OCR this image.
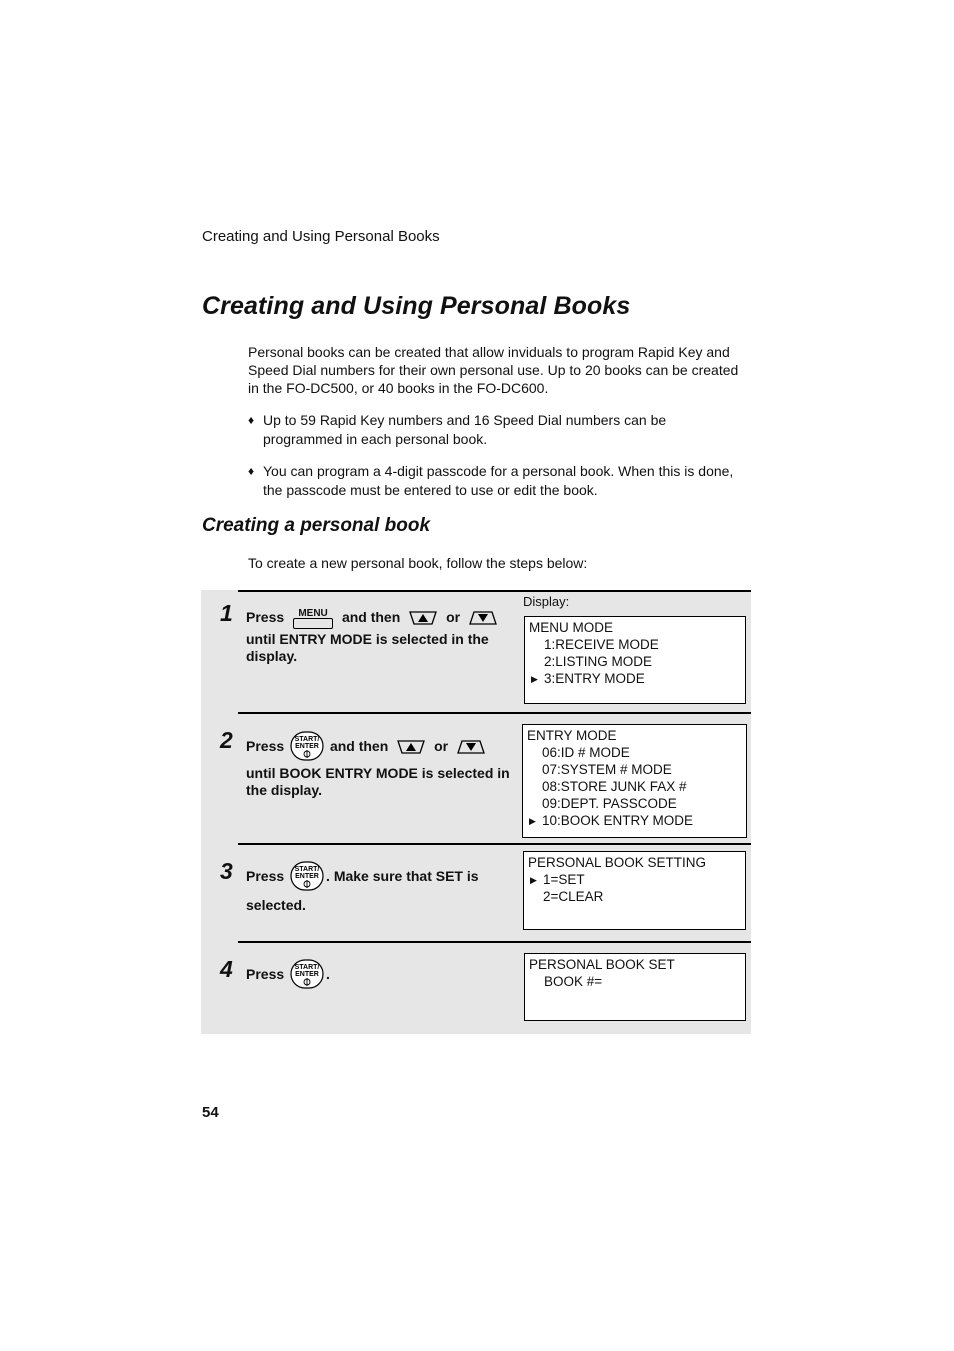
Creating and Using Personal Books
Creating and Using Personal Books
Personal books can be created that allow inviduals to program Rapid Key and Speed Dial numbers for their own personal use. Up to 20 books can be created in the FO-DC500, or 40 books in the FO-DC600.
♦ Up to 59 Rapid Key numbers and 16 Speed Dial numbers can be programmed in each personal book.
♦ You can program a 4-digit passcode for a personal book. When this is done, the passcode must be entered to use or edit the book.
Creating a personal book
To create a new personal book, follow the steps below:
Display:
1 Press	MENU	and then	or
until ENTRY MODE is selected in the display.
MENU MODE
1:RECEIVE MODE
2:LISTING MODE
▶ 3:ENTRY MODE
2 Press START/
ENTER and then	or
until BOOK ENTRY MODE is selected in the display.
ENTRY MODE
06:ID # MODE
07:SYSTEM # MODE
08:STORE JUNK FAX #
09:DEPT. PASSCODE
▶ 10:BOOK ENTRY MODE
3 Press START/
ENTER . Make sure that SET is
selected.
PERSONAL BOOK SETTING
▶ 1=SET
2=CLEAR
4 Press START/
ENTER .
PERSONAL BOOK SET
BOOK #=
54
